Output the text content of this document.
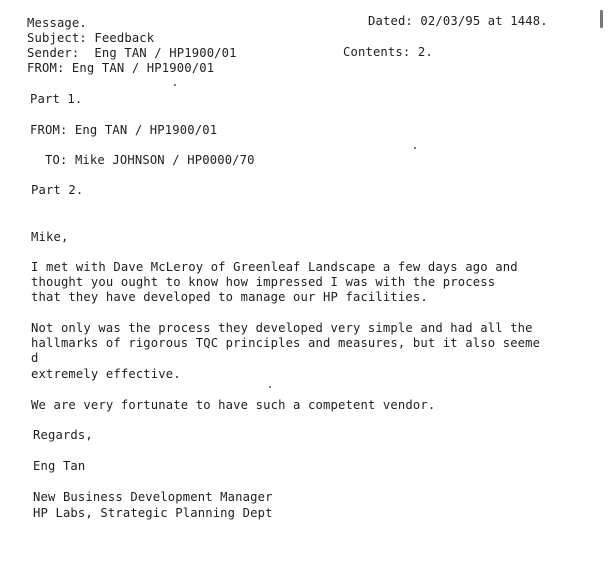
Message.	Dated: 02/03/95 at 1448.
Subject: Feedback
Sender:  Eng TAN / HP1900/01	Contents: 2.
FROM: Eng TAN / HP1900/01
Part 1.
FROM: Eng TAN / HP1900/01
TO: Mike JOHNSON / HP0000/70
Part 2.
Mike,
I met with Dave McLeroy of Greenleaf Landscape a few days ago and
thought you ought to know how impressed I was with the process
that they have developed to manage our HP facilities.
Not only was the process they developed very simple and had all the
hallmarks of rigorous TQC principles and measures, but it also seeme
d
extremely effective.
We are very fortunate to have such a competent vendor.
Regards,
Eng Tan
New Business Development Manager
HP Labs, Strategic Planning Dept
